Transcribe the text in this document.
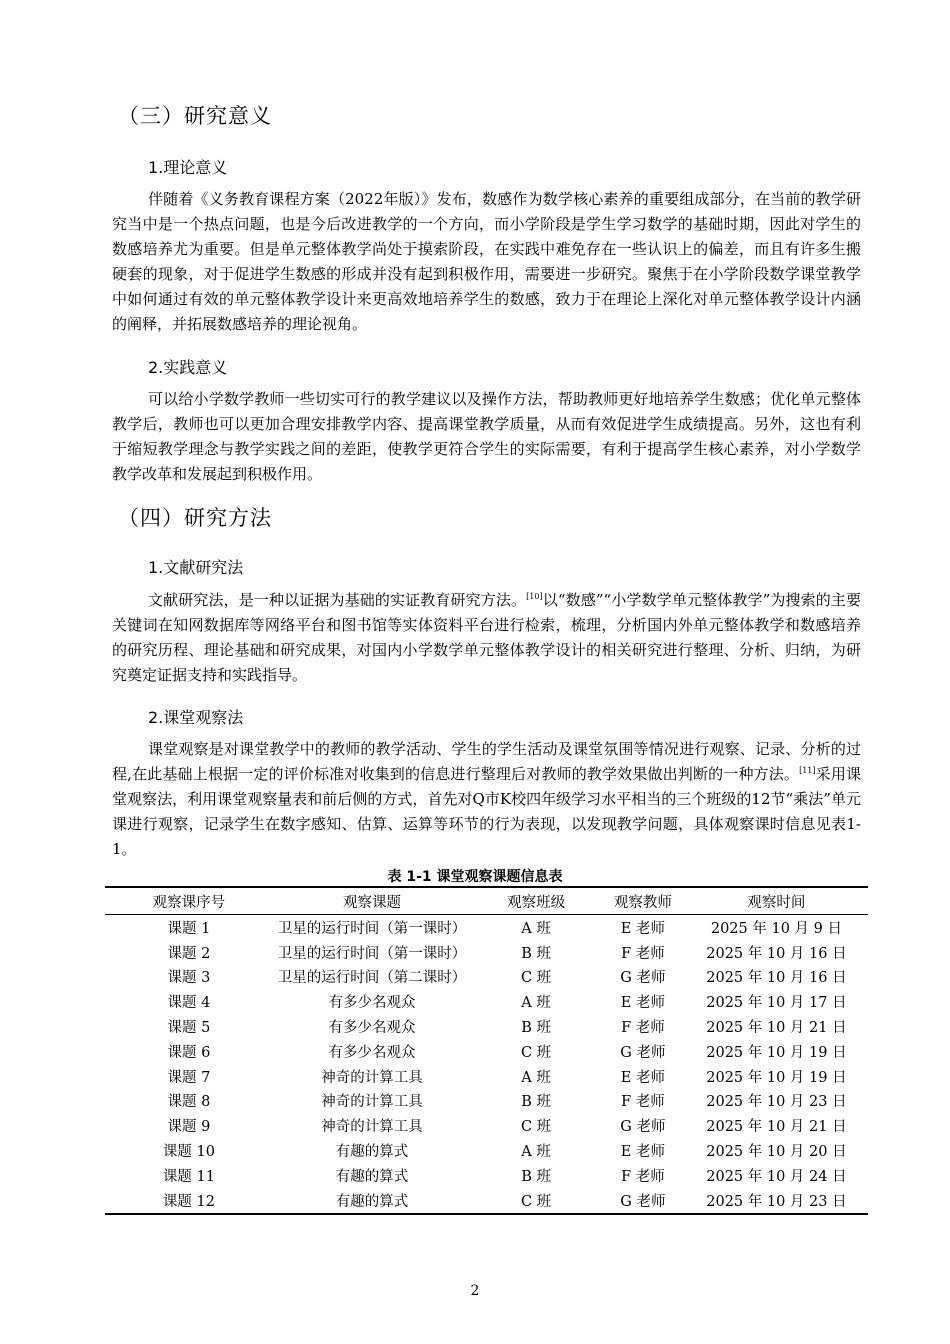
（三）研究意义
1.理论意义

伴随着《义务教育课程方案（2022年版）》发布，数感作为数学核心素养的重要组成部分，在当前的教学研究当中是一个热点问题，也是今后改进教学的一个方向，而小学阶段是学生学习数学的基础时期，因此对学生的数感培养尤为重要。但是单元整体教学尚处于摸索阶段，在实践中难免存在一些认识上的偏差，而且有许多生搬硬套的现象，对于促进学生数感的形成并没有起到积极作用，需要进一步研究。聚焦于在小学阶段数学课堂教学中如何通过有效的单元整体教学设计来更高效地培养学生的数感，致力于在理论上深化对单元整体教学设计内涵的阐释，并拓展数感培养的理论视角。

2.实践意义

可以给小学数学教师一些切实可行的教学建议以及操作方法，帮助教师更好地培养学生数感；优化单元整体教学后，教师也可以更加合理安排教学内容、提高课堂教学质量，从而有效促进学生成绩提高。另外，这也有利于缩短教学理念与教学实践之间的差距，使教学更符合学生的实际需要，有利于提高学生核心素养，对小学数学教学改革和发展起到积极作用。

（四）研究方法
1.文献研究法

文献研究法，是一种以证据为基础的实证教育研究方法。[10]以“数感”“小学数学单元整体教学”为搜索的主要关键词在知网数据库等网络平台和图书馆等实体资料平台进行检索，梳理，分析国内外单元整体教学和数感培养的研究历程、理论基础和研究成果，对国内小学数学单元整体教学设计的相关研究进行整理、分析、归纳，为研究奠定证据支持和实践指导。

2.课堂观察法

课堂观察是对课堂教学中的教师的教学活动、学生的学生活动及课堂氛围等情况进行观察、记录、分析的过程,在此基础上根据一定的评价标准对收集到的信息进行整理后对教师的教学效果做出判断的一种方法。[11]采用课堂观察法，利用课堂观察量表和前后侧的方式，首先对Q市K校四年级学习水平相当的三个班级的12节“乘法”单元课进行观察，记录学生在数字感知、估算、运算等环节的行为表现，以发现教学问题，具体观察课时信息见表1-1。

表 1-1 课堂观察课题信息表
观察课序号	观察课题	观察班级	观察教师	观察时间
课题 1	卫星的运行时间（第一课时）	A 班	E 老师	2025 年 10 月 9 日
课题 2	卫星的运行时间（第一课时）	B 班	F 老师	2025 年 10 月 16 日
课题 3	卫星的运行时间（第二课时）	C 班	G 老师	2025 年 10 月 16 日
课题 4	有多少名观众	A 班	E 老师	2025 年 10 月 17 日
课题 5	有多少名观众	B 班	F 老师	2025 年 10 月 21 日
课题 6	有多少名观众	C 班	G 老师	2025 年 10 月 19 日
课题 7	神奇的计算工具	A 班	E 老师	2025 年 10 月 19 日
课题 8	神奇的计算工具	B 班	F 老师	2025 年 10 月 23 日
课题 9	神奇的计算工具	C 班	G 老师	2025 年 10 月 21 日
课题 10	有趣的算式	A 班	E 老师	2025 年 10 月 20 日
课题 11	有趣的算式	B 班	F 老师	2025 年 10 月 24 日
课题 12	有趣的算式	C 班	G 老师	2025 年 10 月 23 日
2
